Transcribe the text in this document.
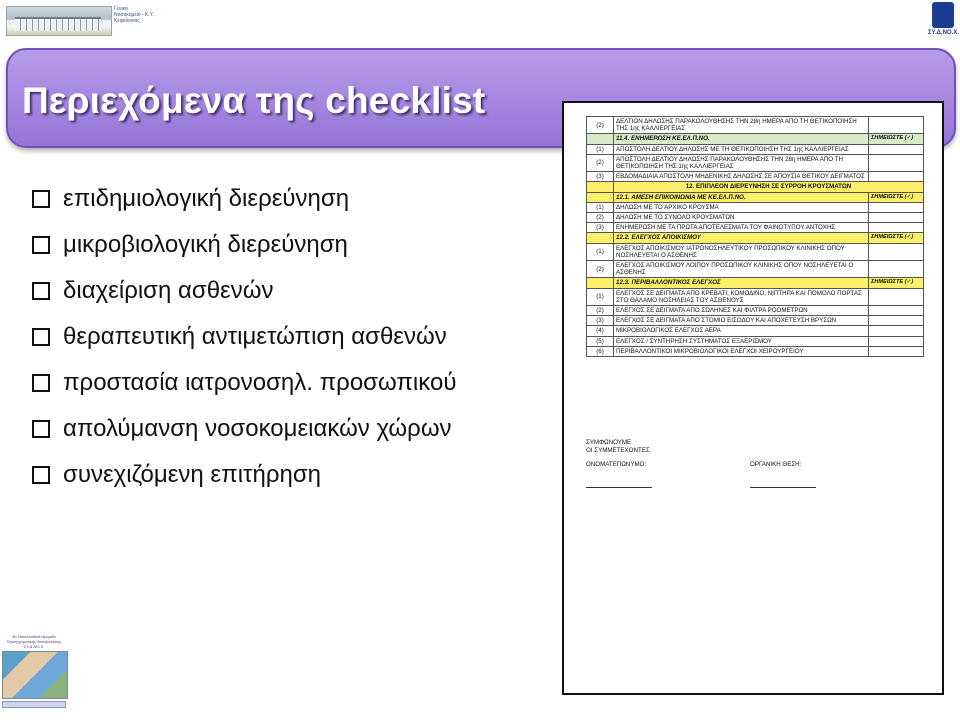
Γενικό
Νοσοκομείο - Κ.Υ.
Κεφαλονιάς
ΣΥ.Δ.ΝΟ.Χ.
Περιεχόμενα της checklist
επιδημιολογική διερεύνηση
μικροβιολογική διερεύνηση
διαχείριση ασθενών
θεραπευτική αντιμετώπιση ασθενών
προστασία ιατρονοσηλ. προσωπικού
απολύμανση νοσοκομειακών χώρων
συνεχιζόμενη επιτήρηση
(2)	ΔΕΛΤΙΟΝ ΔΗΛΩΣΗΣ ΠΑΡΑΚΟΛΟΥΘΗΣΗΣ ΤΗΝ 28η ΗΜΕΡΑ ΑΠΟ ΤΗ ΘΕΤΙΚΟΠΟΙΗΣΗ ΤΗΣ 1ης ΚΑΛΛΙΕΡΓΕΙΑΣ	
	11.4. ΕΝΗΜΕΡΩΣΗ ΚΕ.ΕΛ.Π.ΝΟ.	ΣΗΜΕΙΩΣΤΕ (✓)
(1)	ΑΠΟΣΤΟΛΗ ΔΕΛΤΙΟΥ ΔΗΛΩΣΗΣ ΜΕ ΤΗ ΘΕΤΙΚΟΠΟΙΗΣΗ ΤΗΣ 1ης ΚΑΛΛΙΕΡΓΕΙΑΣ	
(2)	ΑΠΟΣΤΟΛΗ ΔΕΛΤΙΟΥ ΔΗΛΩΣΗΣ ΠΑΡΑΚΟΛΟΥΘΗΣΗΣ ΤΗΝ 28η ΗΜΕΡΑ ΑΠΟ ΤΗ ΘΕΤΙΚΟΠΟΙΗΣΗ ΤΗΣ 1ης ΚΑΛΛΙΕΡΓΕΙΑΣ	
(3)	ΕΒΔΟΜΑΔΙΑΙΑ ΑΠΟΣΤΟΛΗ ΜΗΔΕΝΙΚΗΣ ΔΗΛΩΣΗΣ ΣΕ ΑΠΟΥΣΙΑ ΘΕΤΙΚΟΥ ΔΕΙΓΜΑΤΟΣ	
	12. ΕΠΙΠΛΕΟΝ ΔΙΕΡΕΥΝΗΣΗ ΣΕ ΣΥΡΡΟΗ ΚΡΟΥΣΜΑΤΩΝ	
	12.1. ΑΜΕΣΗ ΕΠΙΚΟΙΝΩΝΙΑ ΜΕ ΚΕ.ΕΛ.Π.ΝΟ.	ΣΗΜΕΙΩΣΤΕ (✓)
(1)	ΔΗΛΩΣΗ ΜΕ ΤΟ ΑΡΧΙΚΟ ΚΡΟΥΣΜΑ	
(2)	ΔΗΛΩΣΗ ΜΕ ΤΟ ΣΥΝΟΛΟ ΚΡΟΥΣΜΑΤΩΝ	
(3)	ΕΝΗΜΕΡΩΣΗ ΜΕ ΤΑ ΠΡΩΤΑ ΑΠΟΤΕΛΕΣΜΑΤΑ ΤΟΥ ΦΑΙΝΟΤΥΠΟΥ ΑΝΤΟΧΗΣ	
	12.2. ΕΛΕΓΧΟΣ ΑΠΟΙΚΙΣΜΟΥ	ΣΗΜΕΙΩΣΤΕ (✓)
(1)	ΕΛΕΓΧΟΣ ΑΠΟΙΚΙΣΜΟΥ ΙΑΤΡΟΝΟΣΗΛΕΥΤΙΚΟΥ ΠΡΟΣΩΠΙΚΟΥ ΚΛΙΝΙΚΗΣ ΟΠΟΥ ΝΟΣΗΛΕΥΕΤΑΙ Ο ΑΣΘΕΝΗΣ	
(2)	ΕΛΕΓΧΟΣ ΑΠΟΙΚΙΣΜΟΥ ΛΟΙΠΟΥ ΠΡΟΣΩΠΙΚΟΥ ΚΛΙΝΙΚΗΣ ΟΠΟΥ ΝΟΣΗΛΕΥΕΤΑΙ Ο ΑΣΘΕΝΗΣ	
	12.3. ΠΕΡΙΒΑΛΛΟΝΤΙΚΟΣ ΕΛΕΓΧΟΣ	ΣΗΜΕΙΩΣΤΕ (✓)
(1)	ΕΛΕΓΧΟΣ ΣΕ ΔΕΙΓΜΑΤΑ ΑΠΟ ΚΡΕΒΑΤΙ, ΚΟΜΟΔΙΝΟ, ΝΙΠΤΗΡΑ ΚΑΙ ΠΟΜΟΛΟ ΠΟΡΤΑΣ ΣΤΟ ΘΑΛΑΜΟ ΝΟΣΗΛΕΙΑΣ ΤΟΥ ΑΣΘΕΝΟΥΣ	
(2)	ΕΛΕΓΧΟΣ ΣΕ ΔΕΙΓΜΑΤΑ ΑΠΟ ΣΩΛΗΝΕΣ ΚΑΙ ΦΙΛΤΡΑ ΡΟΟΜΕΤΡΩΝ	
(3)	ΕΛΕΓΧΟΣ ΣΕ ΔΕΙΓΜΑΤΑ ΑΠΟ ΣΤΟΜΙΟ ΕΙΣΟΔΟΥ ΚΑΙ ΑΠΟΧΕΤΕΥΣΗ ΒΡΥΣΩΝ	
(4)	ΜΙΚΡΟΒΙΟΛΟΓΙΚΟΣ ΕΛΕΓΧΟΣ ΑΕΡΑ	
(5)	ΕΛΕΓΧΟΣ / ΣΥΝΤΗΡΗΣΗ ΣΥΣΤΗΜΑΤΟΣ ΕΞΑΕΡΙΣΜΟΥ	
(6)	ΠΕΡΙΒΑΛΛΟΝΤΙΚΟΙ ΜΙΚΡΟΒΙΟΛΟΓΙΚΟΙ ΕΛΕΓΧΟΙ ΧΕΙΡΟΥΡΓΕΙΟΥ	
ΣΥΜΦΩΝΟΥΜΕ
ΟΙ ΣΥΜΜΕΤΕΧΟΝΤΕΣ
ΟΝΟΜΑΤΕΠΩΝΥΜΟ:	ΟΡΓΑΝΙΚΗ ΘΕΣΗ:
8ο Πανελλαδικό Ημερίδα
Περιεγχειρητικής Νοσηλευτικής
ΣΥ.Δ.ΝΟ.Χ.
